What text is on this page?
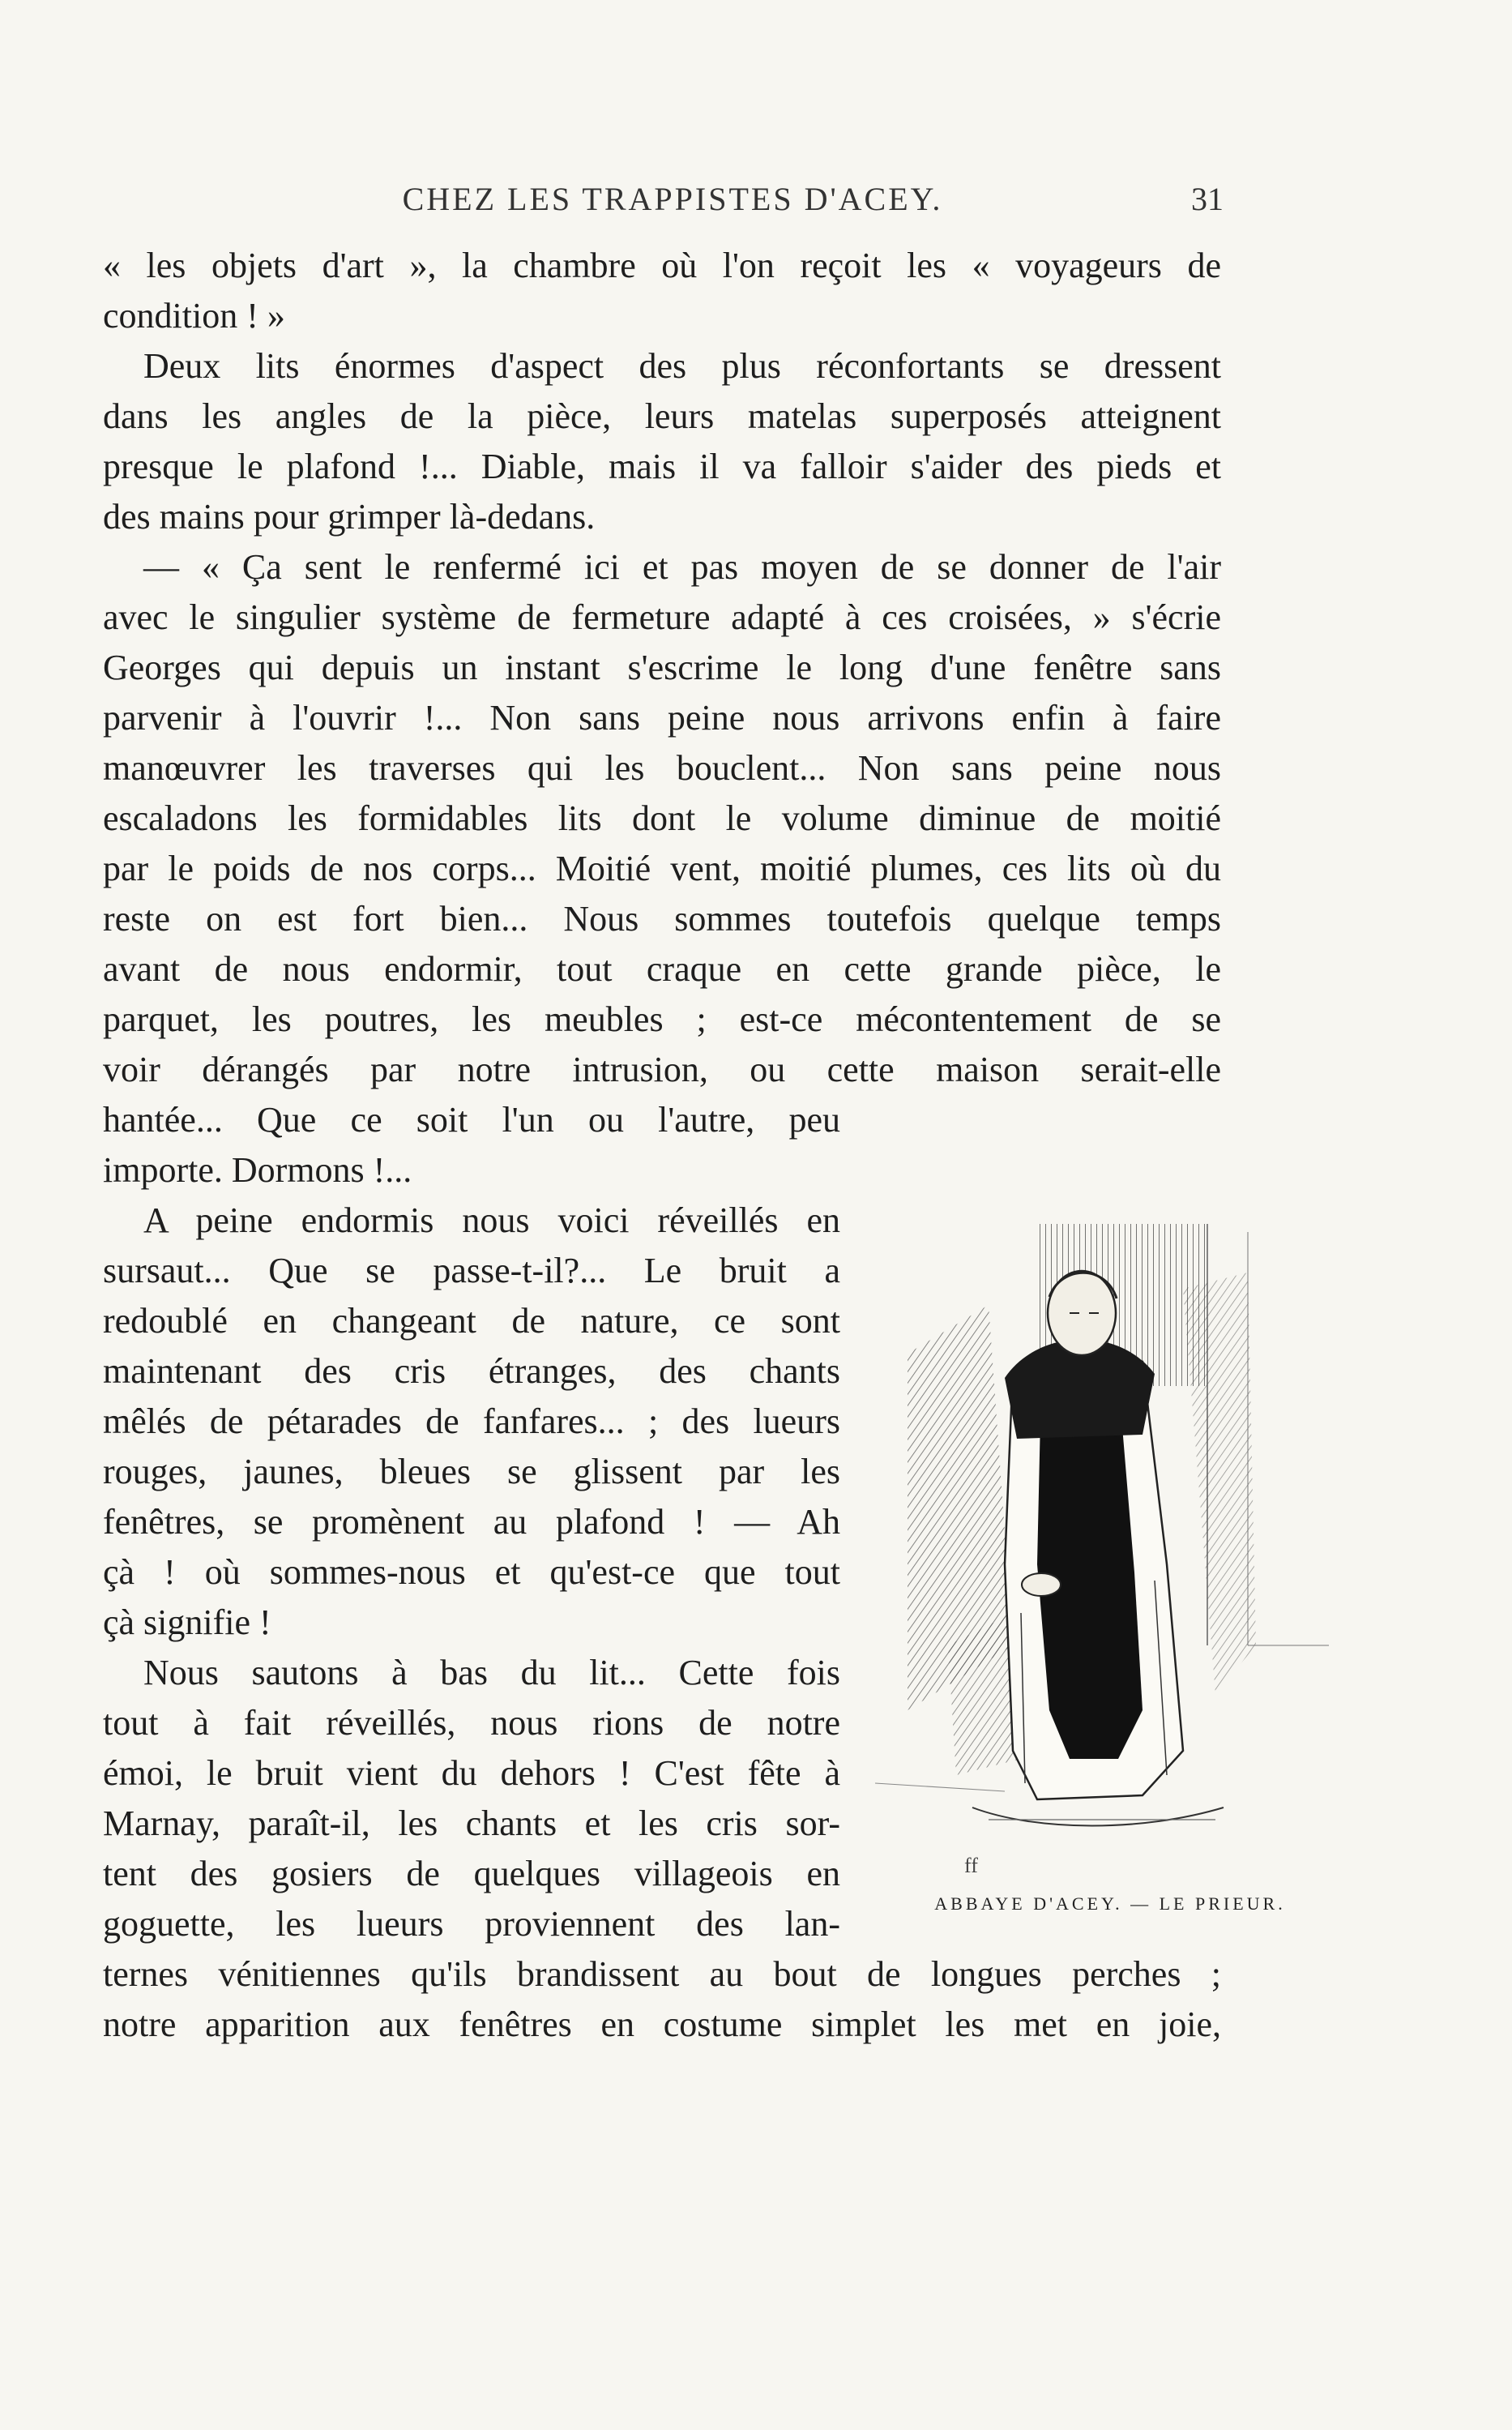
CHEZ LES TRAPPISTES D'ACEY.	31
« les objets d'art », la chambre où l'on reçoit les « voyageurs de
condition ! »
Deux lits énormes d'aspect des plus réconfortants se dressent
dans les angles de la pièce, leurs matelas superposés atteignent
presque le plafond !... Diable, mais il va falloir s'aider des pieds et
des mains pour grimper là-dedans.
— « Ça sent le renfermé ici et pas moyen de se donner de l'air
avec le singulier système de fermeture adapté à ces croisées, » s'écrie
Georges qui depuis un instant s'escrime le long d'une fenêtre sans
parvenir à l'ouvrir !... Non sans peine nous arrivons enfin à faire
manœuvrer les traverses qui les bouclent... Non sans peine nous
escaladons les formidables lits dont le volume diminue de moitié
par le poids de nos corps... Moitié vent, moitié plumes, ces lits où du
reste on est fort bien... Nous sommes toutefois quelque temps
avant de nous endormir, tout craque en cette grande pièce, le
parquet, les poutres, les meubles ; est-ce mécontentement de se
voir dérangés par notre intrusion, ou cette maison serait-elle
hantée... Que ce soit l'un ou l'autre, peu
importe. Dormons !...
A peine endormis nous voici réveillés en
sursaut... Que se passe-t-il?... Le bruit a
redoublé en changeant de nature, ce sont
maintenant des cris étranges, des chants
mêlés de pétarades de fanfares... ; des lueurs
rouges, jaunes, bleues se glissent par les
fenêtres, se promènent au plafond ! — Ah
çà ! où sommes-nous et qu'est-ce que tout
çà signifie !
Nous sautons à bas du lit... Cette fois
tout à fait réveillés, nous rions de notre
émoi, le bruit vient du dehors ! C'est fête à
Marnay, paraît-il, les chants et les cris sor-
tent des gosiers de quelques villageois en
goguette, les lueurs proviennent des lan-
ternes vénitiennes qu'ils brandissent au bout de longues perches ;
notre apparition aux fenêtres en costume simplet les met en joie,
ff
ABBAYE D'ACEY. — LE PRIEUR.
